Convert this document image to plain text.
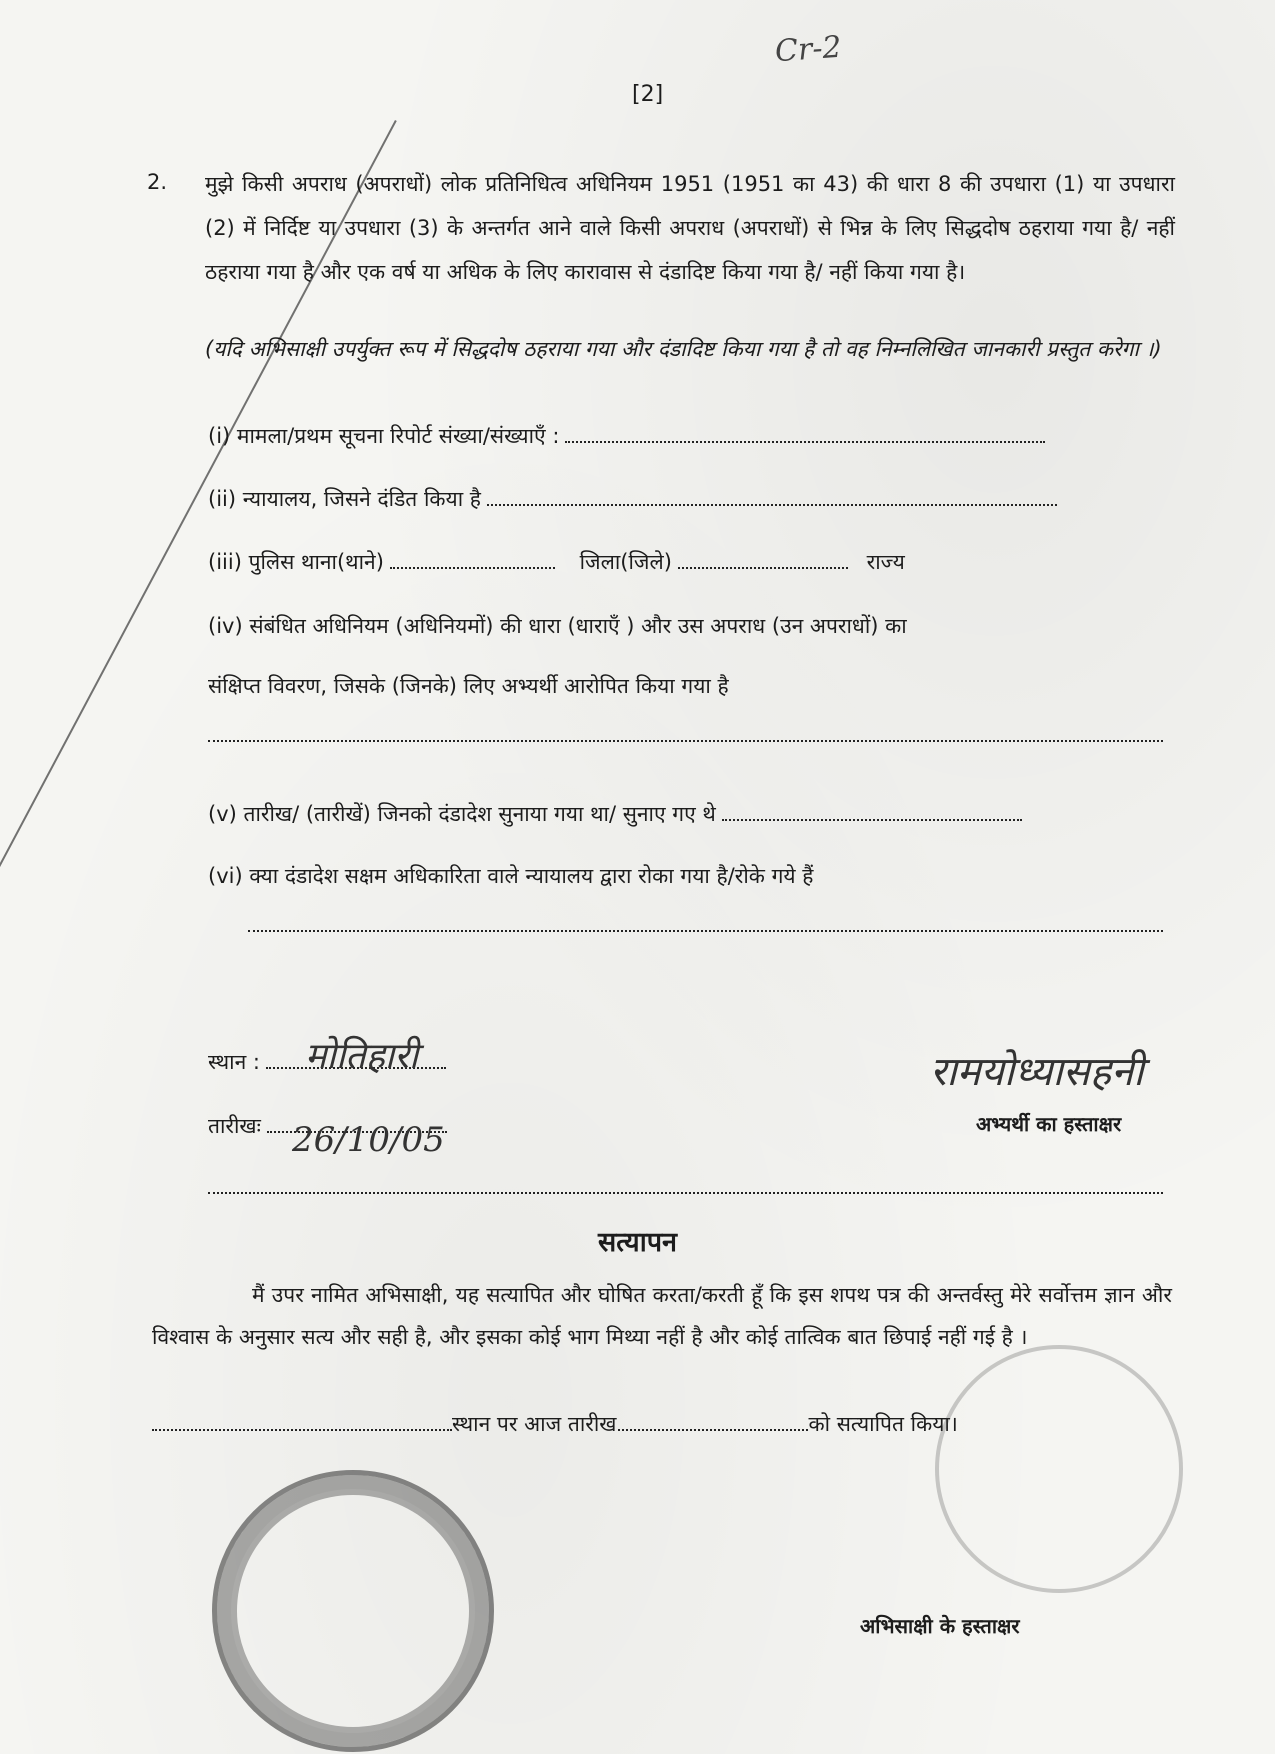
Cr-2
[2]
2. मुझे किसी अपराध (अपराधों) लोक प्रतिनिधित्व अधिनियम 1951 (1951 का 43) की धारा 8 की उपधारा (1) या उपधारा (2) में निर्दिष्ट या उपधारा (3) के अन्तर्गत आने वाले किसी अपराध (अपराधों) से भिन्न के लिए सिद्धदोष ठहराया गया है/ नहीं ठहराया गया है और एक वर्ष या अधिक के लिए कारावास से दंडादिष्ट किया गया है/ नहीं किया गया है।
(यदि अभिसाक्षी उपर्युक्त रूप में सिद्धदोष ठहराया गया और दंडादिष्ट किया गया है तो वह निम्नलिखित जानकारी प्रस्तुत करेगा ।)
(i) मामला/प्रथम सूचना रिपोर्ट संख्या/संख्याएँ :
(ii) न्यायालय, जिसने दंडित किया है
(iii) पुलिस थाना(थाने)	जिला(जिले)	राज्य
(iv) संबंधित अधिनियम (अधिनियमों) की धारा (धाराएँ ) और उस अपराध (उन अपराधों) का
संक्षिप्त विवरण, जिसके (जिनके) लिए अभ्यर्थी आरोपित किया गया है
(v) तारीख/ (तारीखें) जिनको दंडादेश सुनाया गया था/ सुनाए गए थे
(vi) क्या दंडादेश सक्षम अधिकारिता वाले न्यायालय द्वारा रोका गया है/रोके गये हैं
स्थान :	मोतिहारी
तारीखः 26/10/05
रामयोध्यासहनी
अभ्यर्थी का हस्ताक्षर
सत्यापन
मैं उपर नामित अभिसाक्षी, यह सत्यापित और घोषित करता/करती हूँ कि इस शपथ पत्र की अन्तर्वस्तु मेरे सर्वोत्तम ज्ञान और विश्वास के अनुसार सत्य और सही है, और इसका कोई भाग मिथ्या नहीं है और कोई तात्विक बात छिपाई नहीं गई है ।
स्थान पर आज तारीख	को सत्यापित किया।
अभिसाक्षी के हस्ताक्षर
